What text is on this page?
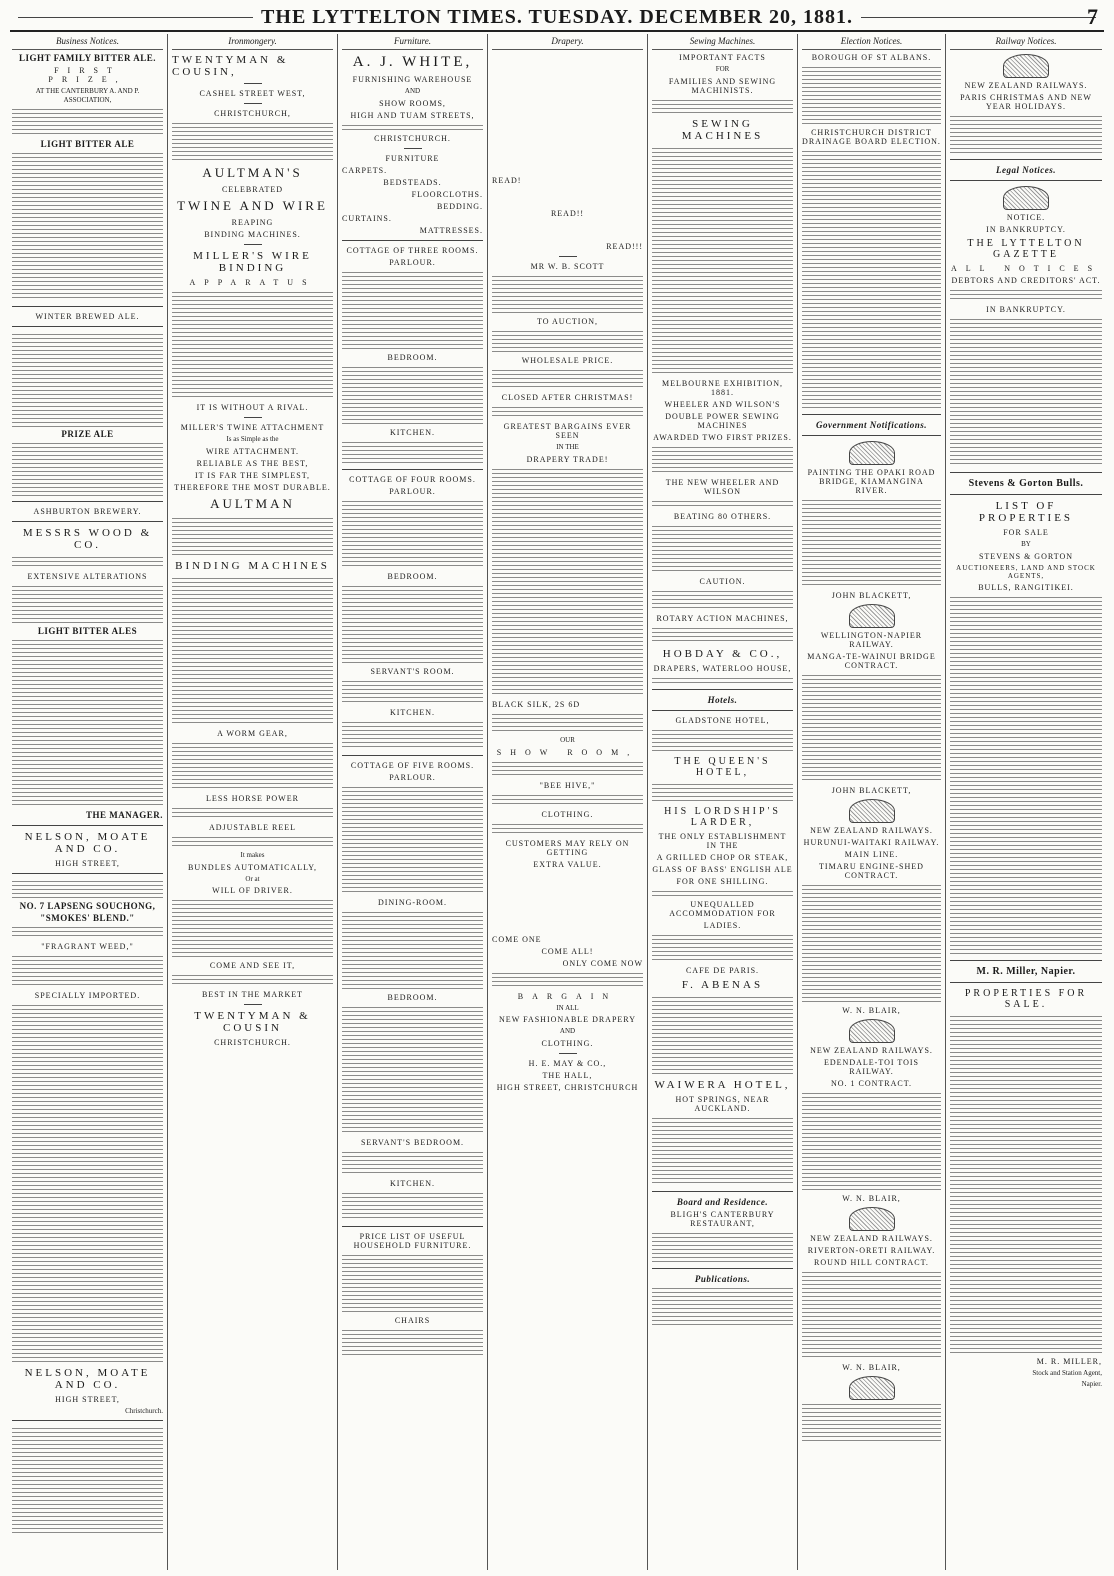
THE LYTTELTON TIMES. TUESDAY. DECEMBER 20, 1881.	7
Business Notices.
LIGHT FAMILY BITTER ALE.
FIRST PRIZE,
AT THE CANTERBURY A. AND P. ASSOCIATION,
LIGHT BITTER ALE
WINTER BREWED ALE.
PRIZE ALE
ASHBURTON BREWERY.
MESSRS WOOD & CO.
EXTENSIVE ALTERATIONS
LIGHT BITTER ALES
THE MANAGER.
NELSON, MOATE AND CO.
HIGH STREET,
NO. 7 LAPSENG SOUCHONG,
"SMOKES' BLEND."
"FRAGRANT WEED,"
SPECIALLY IMPORTED.
NELSON, MOATE AND CO.
HIGH STREET,
Christchurch.
Ironmongery.
TWENTYMAN & COUSIN,
CASHEL STREET WEST,
CHRISTCHURCH,
AULTMAN'S
CELEBRATED
TWINE AND WIRE
REAPING
BINDING MACHINES.
MILLER'S WIRE BINDING
APPARATUS
IT IS WITHOUT A RIVAL.
MILLER'S TWINE ATTACHMENT
Is as Simple as the
WIRE ATTACHMENT.
RELIABLE AS THE BEST,
IT IS FAR THE SIMPLEST,
THEREFORE THE MOST DURABLE.
AULTMAN
BINDING MACHINES
A WORM GEAR,
LESS HORSE POWER
ADJUSTABLE REEL
It makes
BUNDLES AUTOMATICALLY,
Or at
WILL OF DRIVER.
COME AND SEE IT,
BEST IN THE MARKET
TWENTYMAN & COUSIN
CHRISTCHURCH.
Furniture.
A. J. WHITE,
FURNISHING WAREHOUSE
AND
SHOW ROOMS,
HIGH AND TUAM STREETS,
CHRISTCHURCH.
FURNITURE
CARPETS.
BEDSTEADS.
FLOORCLOTHS.
BEDDING.
CURTAINS.
MATTRESSES.
COTTAGE OF THREE ROOMS.
PARLOUR.
BEDROOM.
KITCHEN.
COTTAGE OF FOUR ROOMS.
PARLOUR.
BEDROOM.
SERVANT'S ROOM.
KITCHEN.
COTTAGE OF FIVE ROOMS.
PARLOUR.
DINING-ROOM.
BEDROOM.
SERVANT'S BEDROOM.
KITCHEN.
PRICE LIST OF USEFUL HOUSEHOLD FURNITURE.
CHAIRS
Drapery.
READ!
READ!!
READ!!!
MR W. B. SCOTT
TO AUCTION,
WHOLESALE PRICE.
CLOSED AFTER CHRISTMAS!
GREATEST BARGAINS EVER SEEN
IN THE
DRAPERY TRADE!
BLACK SILK, 2S 6D
OUR
SHOW ROOM,
"BEE HIVE,"
CLOTHING.
CUSTOMERS MAY RELY ON GETTING
EXTRA VALUE.
COME ONE
COME ALL!
ONLY COME NOW
BARGAIN
IN ALL
NEW FASHIONABLE DRAPERY
AND
CLOTHING.
H. E. MAY & CO.,
THE HALL,
HIGH STREET, CHRISTCHURCH
Sewing Machines.
IMPORTANT FACTS
FOR
FAMILIES AND SEWING MACHINISTS.
SEWING MACHINES
MELBOURNE EXHIBITION, 1881.
WHEELER AND WILSON'S
DOUBLE POWER SEWING MACHINES
AWARDED TWO FIRST PRIZES.
THE NEW WHEELER AND WILSON
BEATING 80 OTHERS.
CAUTION.
ROTARY ACTION MACHINES,
HOBDAY & CO.,
DRAPERS, WATERLOO HOUSE,
Hotels.
GLADSTONE HOTEL,
THE QUEEN'S HOTEL,
HIS LORDSHIP'S LARDER,
THE ONLY ESTABLISHMENT IN THE
A GRILLED CHOP OR STEAK,
GLASS OF BASS' ENGLISH ALE
FOR ONE SHILLING.
UNEQUALLED ACCOMMODATION FOR
LADIES.
CAFE DE PARIS.
F. ABENAS
WAIWERA HOTEL,
HOT SPRINGS, NEAR AUCKLAND.
Board and Residence.
BLIGH'S CANTERBURY RESTAURANT,
Publications.
Election Notices.
BOROUGH OF ST ALBANS.
CHRISTCHURCH DISTRICT DRAINAGE BOARD ELECTION.
Government Notifications.
PAINTING THE OPAKI ROAD BRIDGE, KIAMANGINA RIVER.
JOHN BLACKETT,
WELLINGTON-NAPIER RAILWAY.
MANGA-TE-WAINUI BRIDGE CONTRACT.
JOHN BLACKETT,
NEW ZEALAND RAILWAYS.
HURUNUI-WAITAKI RAILWAY.
MAIN LINE.
TIMARU ENGINE-SHED CONTRACT.
W. N. BLAIR,
NEW ZEALAND RAILWAYS.
EDENDALE-TOI TOIS RAILWAY.
NO. 1 CONTRACT.
W. N. BLAIR,
NEW ZEALAND RAILWAYS.
RIVERTON-ORETI RAILWAY.
ROUND HILL CONTRACT.
W. N. BLAIR,
Railway Notices.
NEW ZEALAND RAILWAYS.
PARIS CHRISTMAS AND NEW YEAR HOLIDAYS.
Legal Notices.
NOTICE.
IN BANKRUPTCY.
THE LYTTELTON GAZETTE
ALL NOTICES
DEBTORS AND CREDITORS' ACT.
IN BANKRUPTCY.
Stevens & Gorton Bulls.
LIST OF PROPERTIES
FOR SALE
BY
STEVENS & GORTON
AUCTIONEERS, LAND AND STOCK AGENTS,
BULLS, RANGITIKEI.
M. R. Miller, Napier.
PROPERTIES FOR SALE.
M. R. MILLER,
Stock and Station Agent,
Napier.
